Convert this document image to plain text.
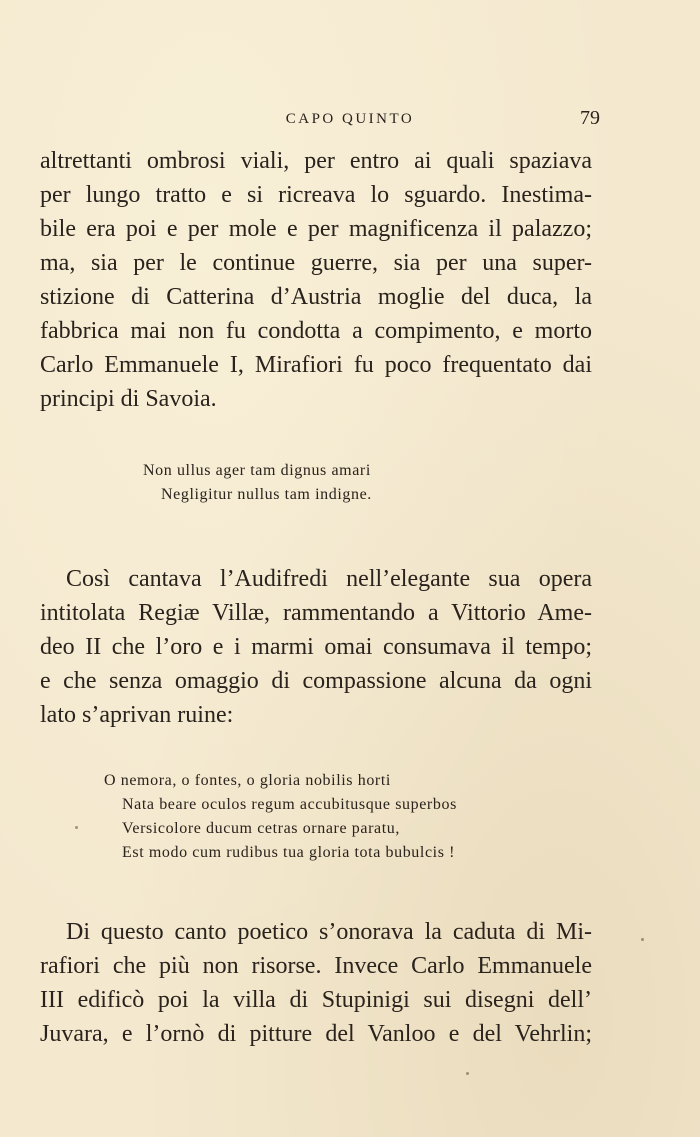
CAPO QUINTO	79

altrettanti ombrosi viali, per entro ai quali spaziava
per lungo tratto e si ricreava lo sguardo. Inestima-
bile era poi e per mole e per magnificenza il palazzo;
ma, sia per le continue guerre, sia per una super-
stizione di Catterina d’Austria moglie del duca, la
fabbrica mai non fu condotta a compimento, e morto
Carlo Emmanuele I, Mirafiori fu poco frequentato dai
principi di Savoia.

Non ullus ager tam dignus amari
Negligitur nullus tam indigne.

Così cantava l’Audifredi nell’elegante sua opera
intitolata Regiæ Villæ, rammentando a Vittorio Ame-
deo II che l’oro e i marmi omai consumava il tempo;
e che senza omaggio di compassione alcuna da ogni
lato s’aprivan ruine:

O nemora, o fontes, o gloria nobilis horti
Nata beare oculos regum accubitusque superbos
Versicolore ducum cetras ornare paratu,
Est modo cum rudibus tua gloria tota bubulcis !

Di questo canto poetico s’onorava la caduta di Mi-
rafiori che più non risorse. Invece Carlo Emmanuele
III edificò poi la villa di Stupinigi sui disegni dell’
Juvara, e l’ornò di pitture del Vanloo e del Vehrlin;
